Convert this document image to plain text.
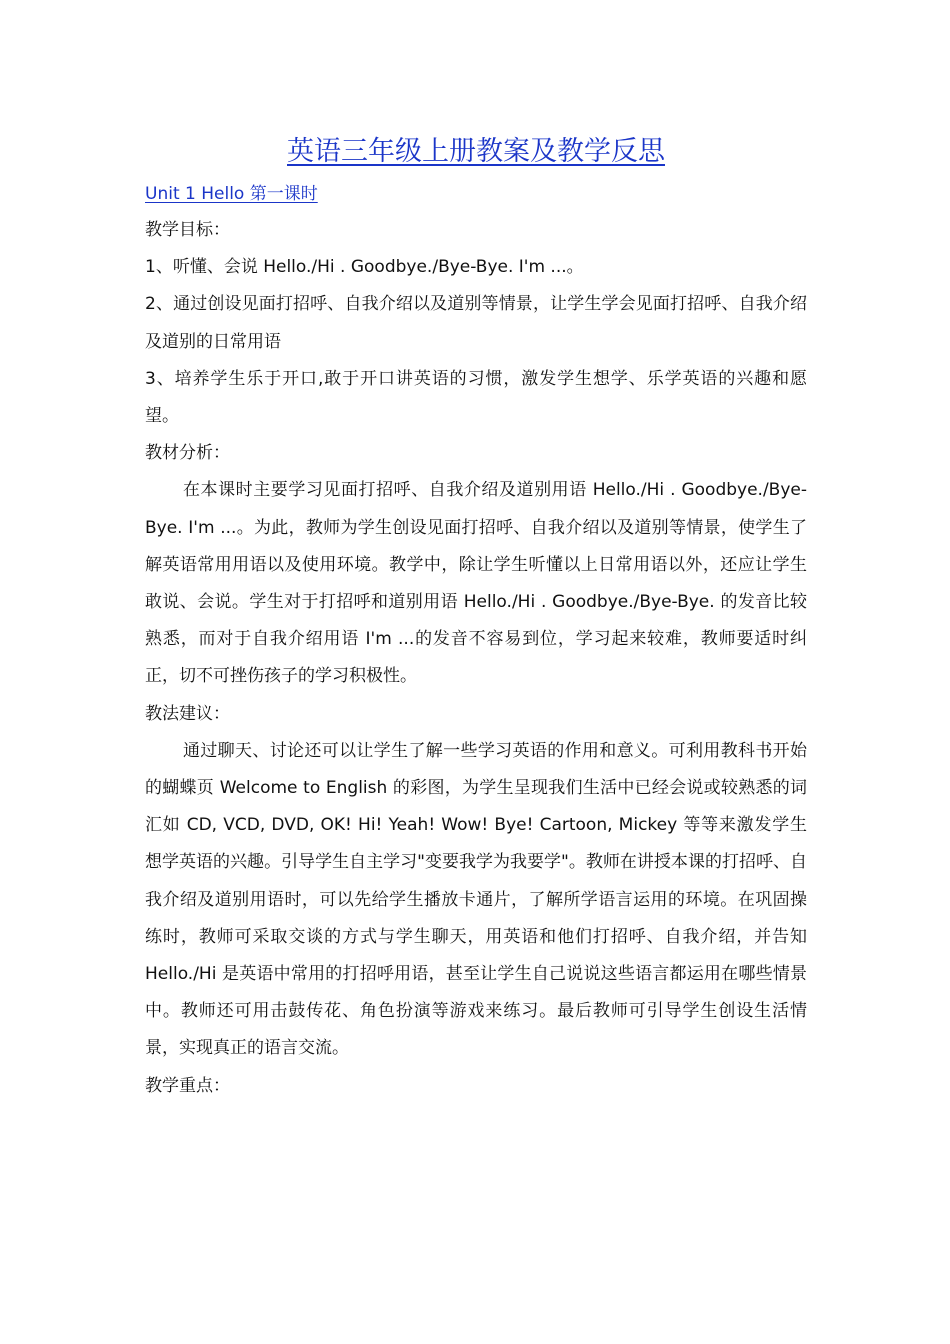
英语三年级上册教案及教学反思

Unit 1 Hello 第一课时

教学目标：

1、听懂、会说 Hello./Hi . Goodbye./Bye-Bye. I'm ...。

2、通过创设见面打招呼、自我介绍以及道别等情景，让学生学会见面打招呼、自我介绍及道别的日常用语

3、培养学生乐于开口,敢于开口讲英语的习惯，激发学生想学、乐学英语的兴趣和愿望。

教材分析：

在本课时主要学习见面打招呼、自我介绍及道别用语 Hello./Hi . Goodbye./Bye-Bye. I'm ...。为此，教师为学生创设见面打招呼、自我介绍以及道别等情景，使学生了解英语常用用语以及使用环境。教学中，除让学生听懂以上日常用语以外，还应让学生敢说、会说。学生对于打招呼和道别用语 Hello./Hi . Goodbye./Bye-Bye. 的发音比较熟悉，而对于自我介绍用语 I'm ...的发音不容易到位，学习起来较难，教师要适时纠正，切不可挫伤孩子的学习积极性。

教法建议：

通过聊天、讨论还可以让学生了解一些学习英语的作用和意义。可利用教科书开始的蝴蝶页 Welcome to English 的彩图，为学生呈现我们生活中已经会说或较熟悉的词汇如 CD, VCD, DVD, OK! Hi! Yeah! Wow! Bye! Cartoon, Mickey 等等来激发学生想学英语的兴趣。引导学生自主学习"变要我学为我要学"。教师在讲授本课的打招呼、自我介绍及道别用语时，可以先给学生播放卡通片，了解所学语言运用的环境。在巩固操练时，教师可采取交谈的方式与学生聊天，用英语和他们打招呼、自我介绍，并告知 Hello./Hi 是英语中常用的打招呼用语，甚至让学生自己说说这些语言都运用在哪些情景中。教师还可用击鼓传花、角色扮演等游戏来练习。最后教师可引导学生创设生活情景，实现真正的语言交流。

教学重点：
